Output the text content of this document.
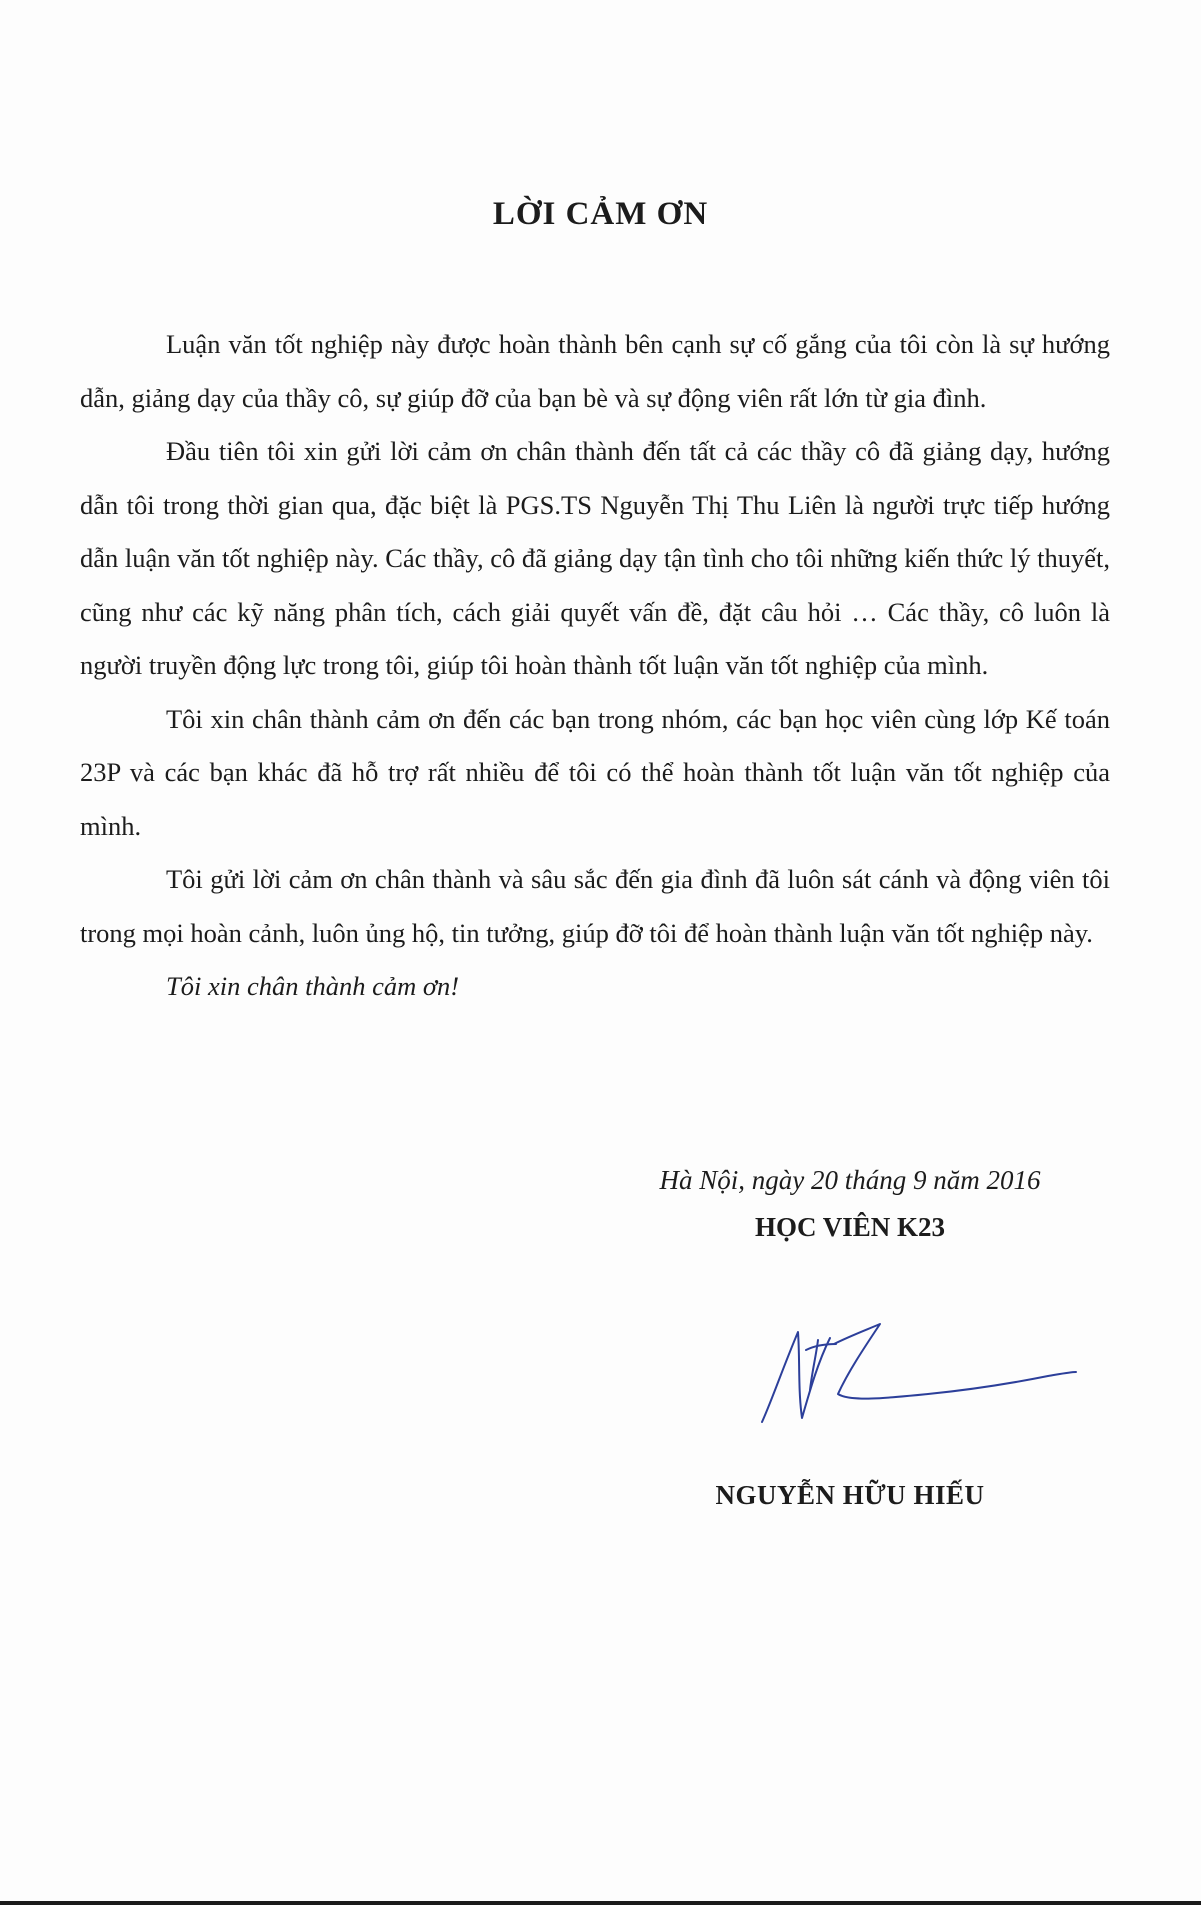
LỜI CẢM ƠN

Luận văn tốt nghiệp này được hoàn thành bên cạnh sự cố gắng của tôi còn là sự hướng dẫn, giảng dạy của thầy cô, sự giúp đỡ của bạn bè và sự động viên rất lớn từ gia đình.

Đầu tiên tôi xin gửi lời cảm ơn chân thành đến tất cả các thầy cô đã giảng dạy, hướng dẫn tôi trong thời gian qua, đặc biệt là PGS.TS Nguyễn Thị Thu Liên là người trực tiếp hướng dẫn luận văn tốt nghiệp này. Các thầy, cô đã giảng dạy tận tình cho tôi những kiến thức lý thuyết, cũng như các kỹ năng phân tích, cách giải quyết vấn đề, đặt câu hỏi … Các thầy, cô luôn là người truyền động lực trong tôi, giúp tôi hoàn thành tốt luận văn tốt nghiệp của mình.

Tôi xin chân thành cảm ơn đến các bạn trong nhóm, các bạn học viên cùng lớp Kế toán 23P và các bạn khác đã hỗ trợ rất nhiều để tôi có thể hoàn thành tốt luận văn tốt nghiệp của mình.

Tôi gửi lời cảm ơn chân thành và sâu sắc đến gia đình đã luôn sát cánh và động viên tôi trong mọi hoàn cảnh, luôn ủng hộ, tin tưởng, giúp đỡ tôi để hoàn thành luận văn tốt nghiệp này.

Tôi xin chân thành cảm ơn!

Hà Nội, ngày 20 tháng 9 năm 2016
HỌC VIÊN K23
NGUYỄN HỮU HIẾU
